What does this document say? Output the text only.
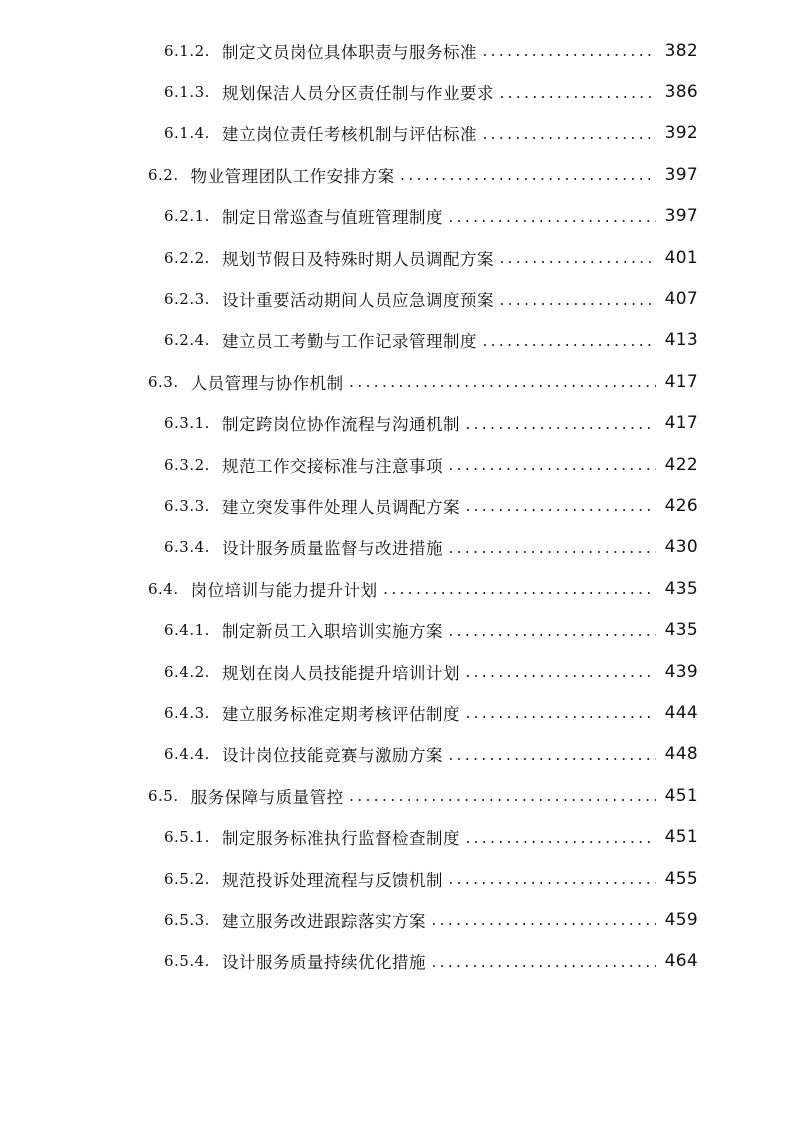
6.1.2. 制定文员岗位具体职责与服务标准 .....	382
6.1.3. 规划保洁人员分区责任制与作业要求 .....	386
6.1.4. 建立岗位责任考核机制与评估标准 .....	392
6.2. 物业管理团队工作安排方案 .....	397
6.2.1. 制定日常巡查与值班管理制度 .....	397
6.2.2. 规划节假日及特殊时期人员调配方案 .....	401
6.2.3. 设计重要活动期间人员应急调度预案 .....	407
6.2.4. 建立员工考勤与工作记录管理制度 .....	413
6.3. 人员管理与协作机制 .....	417
6.3.1. 制定跨岗位协作流程与沟通机制 .....	417
6.3.2. 规范工作交接标准与注意事项 .....	422
6.3.3. 建立突发事件处理人员调配方案 .....	426
6.3.4. 设计服务质量监督与改进措施 .....	430
6.4. 岗位培训与能力提升计划 .....	435
6.4.1. 制定新员工入职培训实施方案 .....	435
6.4.2. 规划在岗人员技能提升培训计划 .....	439
6.4.3. 建立服务标准定期考核评估制度 .....	444
6.4.4. 设计岗位技能竞赛与激励方案 .....	448
6.5. 服务保障与质量管控 .....	451
6.5.1. 制定服务标准执行监督检查制度 .....	451
6.5.2. 规范投诉处理流程与反馈机制 .....	455
6.5.3. 建立服务改进跟踪落实方案 .....	459
6.5.4. 设计服务质量持续优化措施 .....	464
